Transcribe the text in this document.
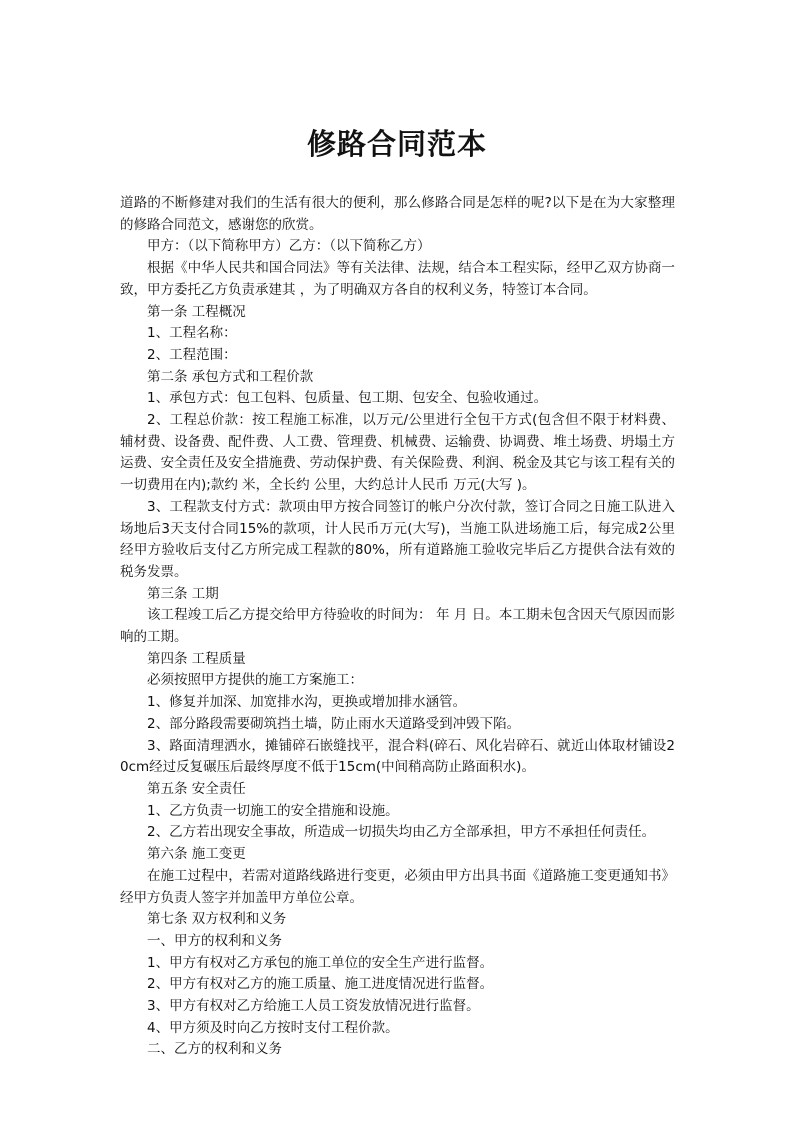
修路合同范本

道路的不断修建对我们的生活有很大的便利，那么修路合同是怎样的呢?以下是在为大家整理的修路合同范文，感谢您的欣赏。

甲方：（以下简称甲方）乙方：（以下简称乙方）

根据《中华人民共和国合同法》等有关法律、法规，结合本工程实际，经甲乙双方协商一致，甲方委托乙方负责承建其 ，为了明确双方各自的权利义务，特签订本合同。

第一条 工程概况

1、工程名称：

2、工程范围：

第二条 承包方式和工程价款

1、承包方式：包工包料、包质量、包工期、包安全、包验收通过。

2、工程总价款：按工程施工标准，以万元/公里进行全包干方式(包含但不限于材料费、辅材费、设备费、配件费、人工费、管理费、机械费、运输费、协调费、堆土场费、坍塌土方运费、安全责任及安全措施费、劳动保护费、有关保险费、利润、税金及其它与该工程有关的一切费用在内);款约 米，全长约 公里，大约总计人民币 万元(大写 )。

3、工程款支付方式：款项由甲方按合同签订的帐户分次付款，签订合同之日施工队进入场地后3天支付合同15%的款项，计人民币万元(大写)，当施工队进场施工后，每完成2公里经甲方验收后支付乙方所完成工程款的80%，所有道路施工验收完毕后乙方提供合法有效的税务发票。

第三条 工期

该工程竣工后乙方提交给甲方待验收的时间为： 年 月 日。本工期未包含因天气原因而影响的工期。

第四条 工程质量

必须按照甲方提供的施工方案施工：

1、修复并加深、加宽排水沟，更换或增加排水涵管。

2、部分路段需要砌筑挡土墙，防止雨水天道路受到冲毁下陷。

3、路面清理洒水，摊铺碎石嵌缝找平，混合料(碎石、风化岩碎石、就近山体取材铺设20cm经过反复碾压后最终厚度不低于15cm(中间稍高防止路面积水)。

第五条 安全责任

1、乙方负责一切施工的安全措施和设施。

2、乙方若出现安全事故，所造成一切损失均由乙方全部承担，甲方不承担任何责任。

第六条 施工变更

在施工过程中，若需对道路线路进行变更，必须由甲方出具书面《道路施工变更通知书》经甲方负责人签字并加盖甲方单位公章。

第七条 双方权利和义务

一、甲方的权利和义务

1、甲方有权对乙方承包的施工单位的安全生产进行监督。

2、甲方有权对乙方的施工质量、施工进度情况进行监督。

3、甲方有权对乙方给施工人员工资发放情况进行监督。

4、甲方须及时向乙方按时支付工程价款。

二、乙方的权利和义务
